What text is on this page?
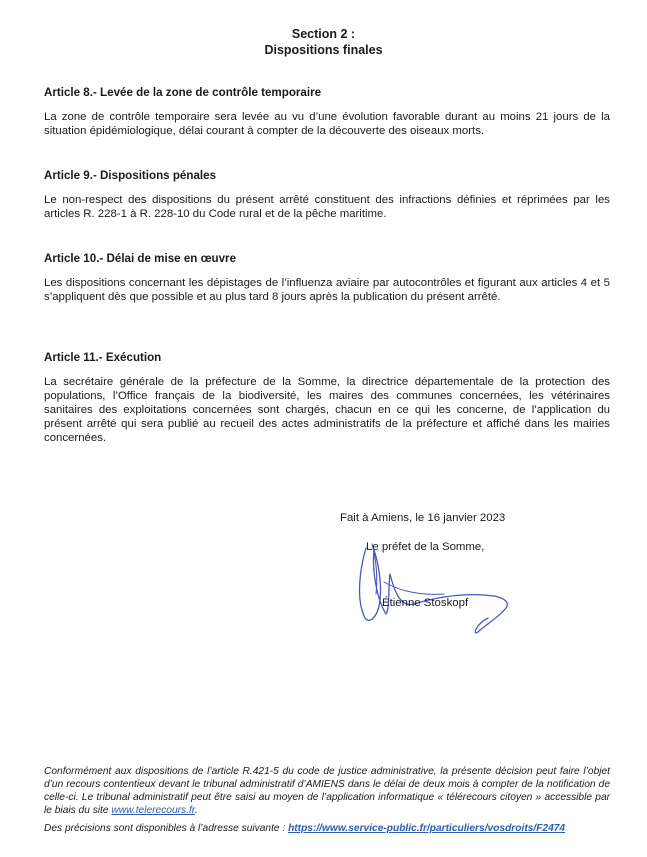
Section 2 :
Dispositions finales
Article 8.- Levée de la zone de contrôle temporaire

La zone de contrôle temporaire sera levée au vu d’une évolution favorable durant au moins 21 jours de la situation épidémiologique, délai courant à compter de la découverte des oiseaux morts.

Article 9.- Dispositions pénales

Le non-respect des dispositions du présent arrêté constituent des infractions définies et réprimées par les articles R. 228-1 à R. 228-10 du Code rural et de la pêche maritime.

Article 10.- Délai de mise en œuvre

Les dispositions concernant les dépistages de l’influenza aviaire par autocontrôles et figurant aux articles 4 et 5 s’appliquent dès que possible et au plus tard 8 jours après la publication du présent arrêté.

Article 11.- Exécution

La secrétaire générale de la préfecture de la Somme, la directrice départementale de la protection des populations, l’Office français de la biodiversité, les maires des communes concernées, les vétérinaires sanitaires des exploitations concernées sont chargés, chacun en ce qui les concerne, de l’application du présent arrêté qui sera publié au recueil des actes administratifs de la préfecture et affiché dans les mairies concernées.

Fait à Amiens, le 16 janvier 2023
Le préfet de la Somme,
Étienne Stoskopf

Conformément aux dispositions de l’article R.421-5 du code de justice administrative, la présente décision peut faire l’objet d’un recours contentieux devant le tribunal administratif d’AMIENS dans le délai de deux mois à compter de la notification de celle-ci. Le tribunal administratif peut être saisi au moyen de l’application informatique « télérecours citoyen » accessible par le biais du site www.telerecours.fr.

Des précisions sont disponibles à l’adresse suivante : https://www.service-public.fr/particuliers/vosdroits/F2474
